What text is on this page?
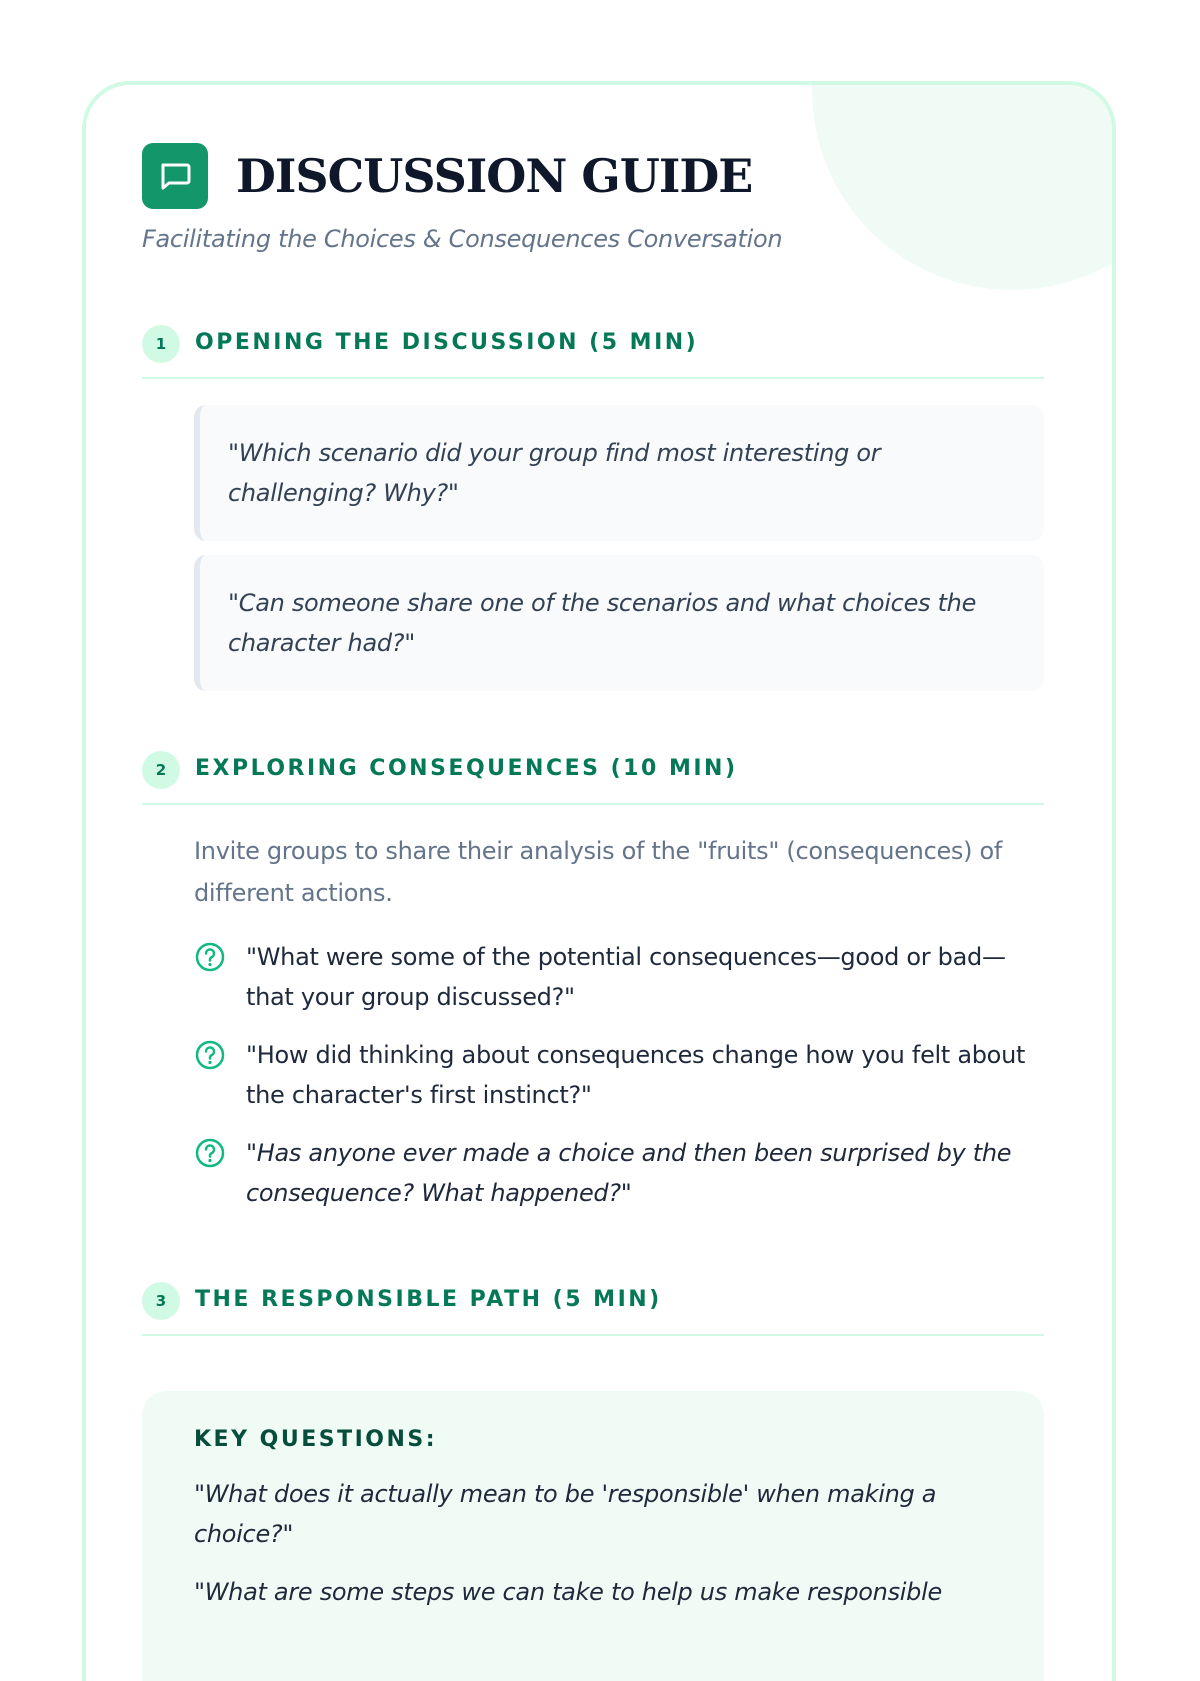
DISCUSSION GUIDE
Facilitating the Choices & Consequences Conversation
1	OPENING THE DISCUSSION (5 MIN)
"Which scenario did your group find most interesting or challenging? Why?"
"Can someone share one of the scenarios and what choices the character had?"
2	EXPLORING CONSEQUENCES (10 MIN)
Invite groups to share their analysis of the "fruits" (consequences) of different actions.
"What were some of the potential consequences—good or bad—that your group discussed?"
"How did thinking about consequences change how you felt about the character's first instinct?"
"Has anyone ever made a choice and then been surprised by the consequence? What happened?"
3	THE RESPONSIBLE PATH (5 MIN)
KEY QUESTIONS:
"What does it actually mean to be 'responsible' when making a choice?"
"What are some steps we can take to help us make responsible
